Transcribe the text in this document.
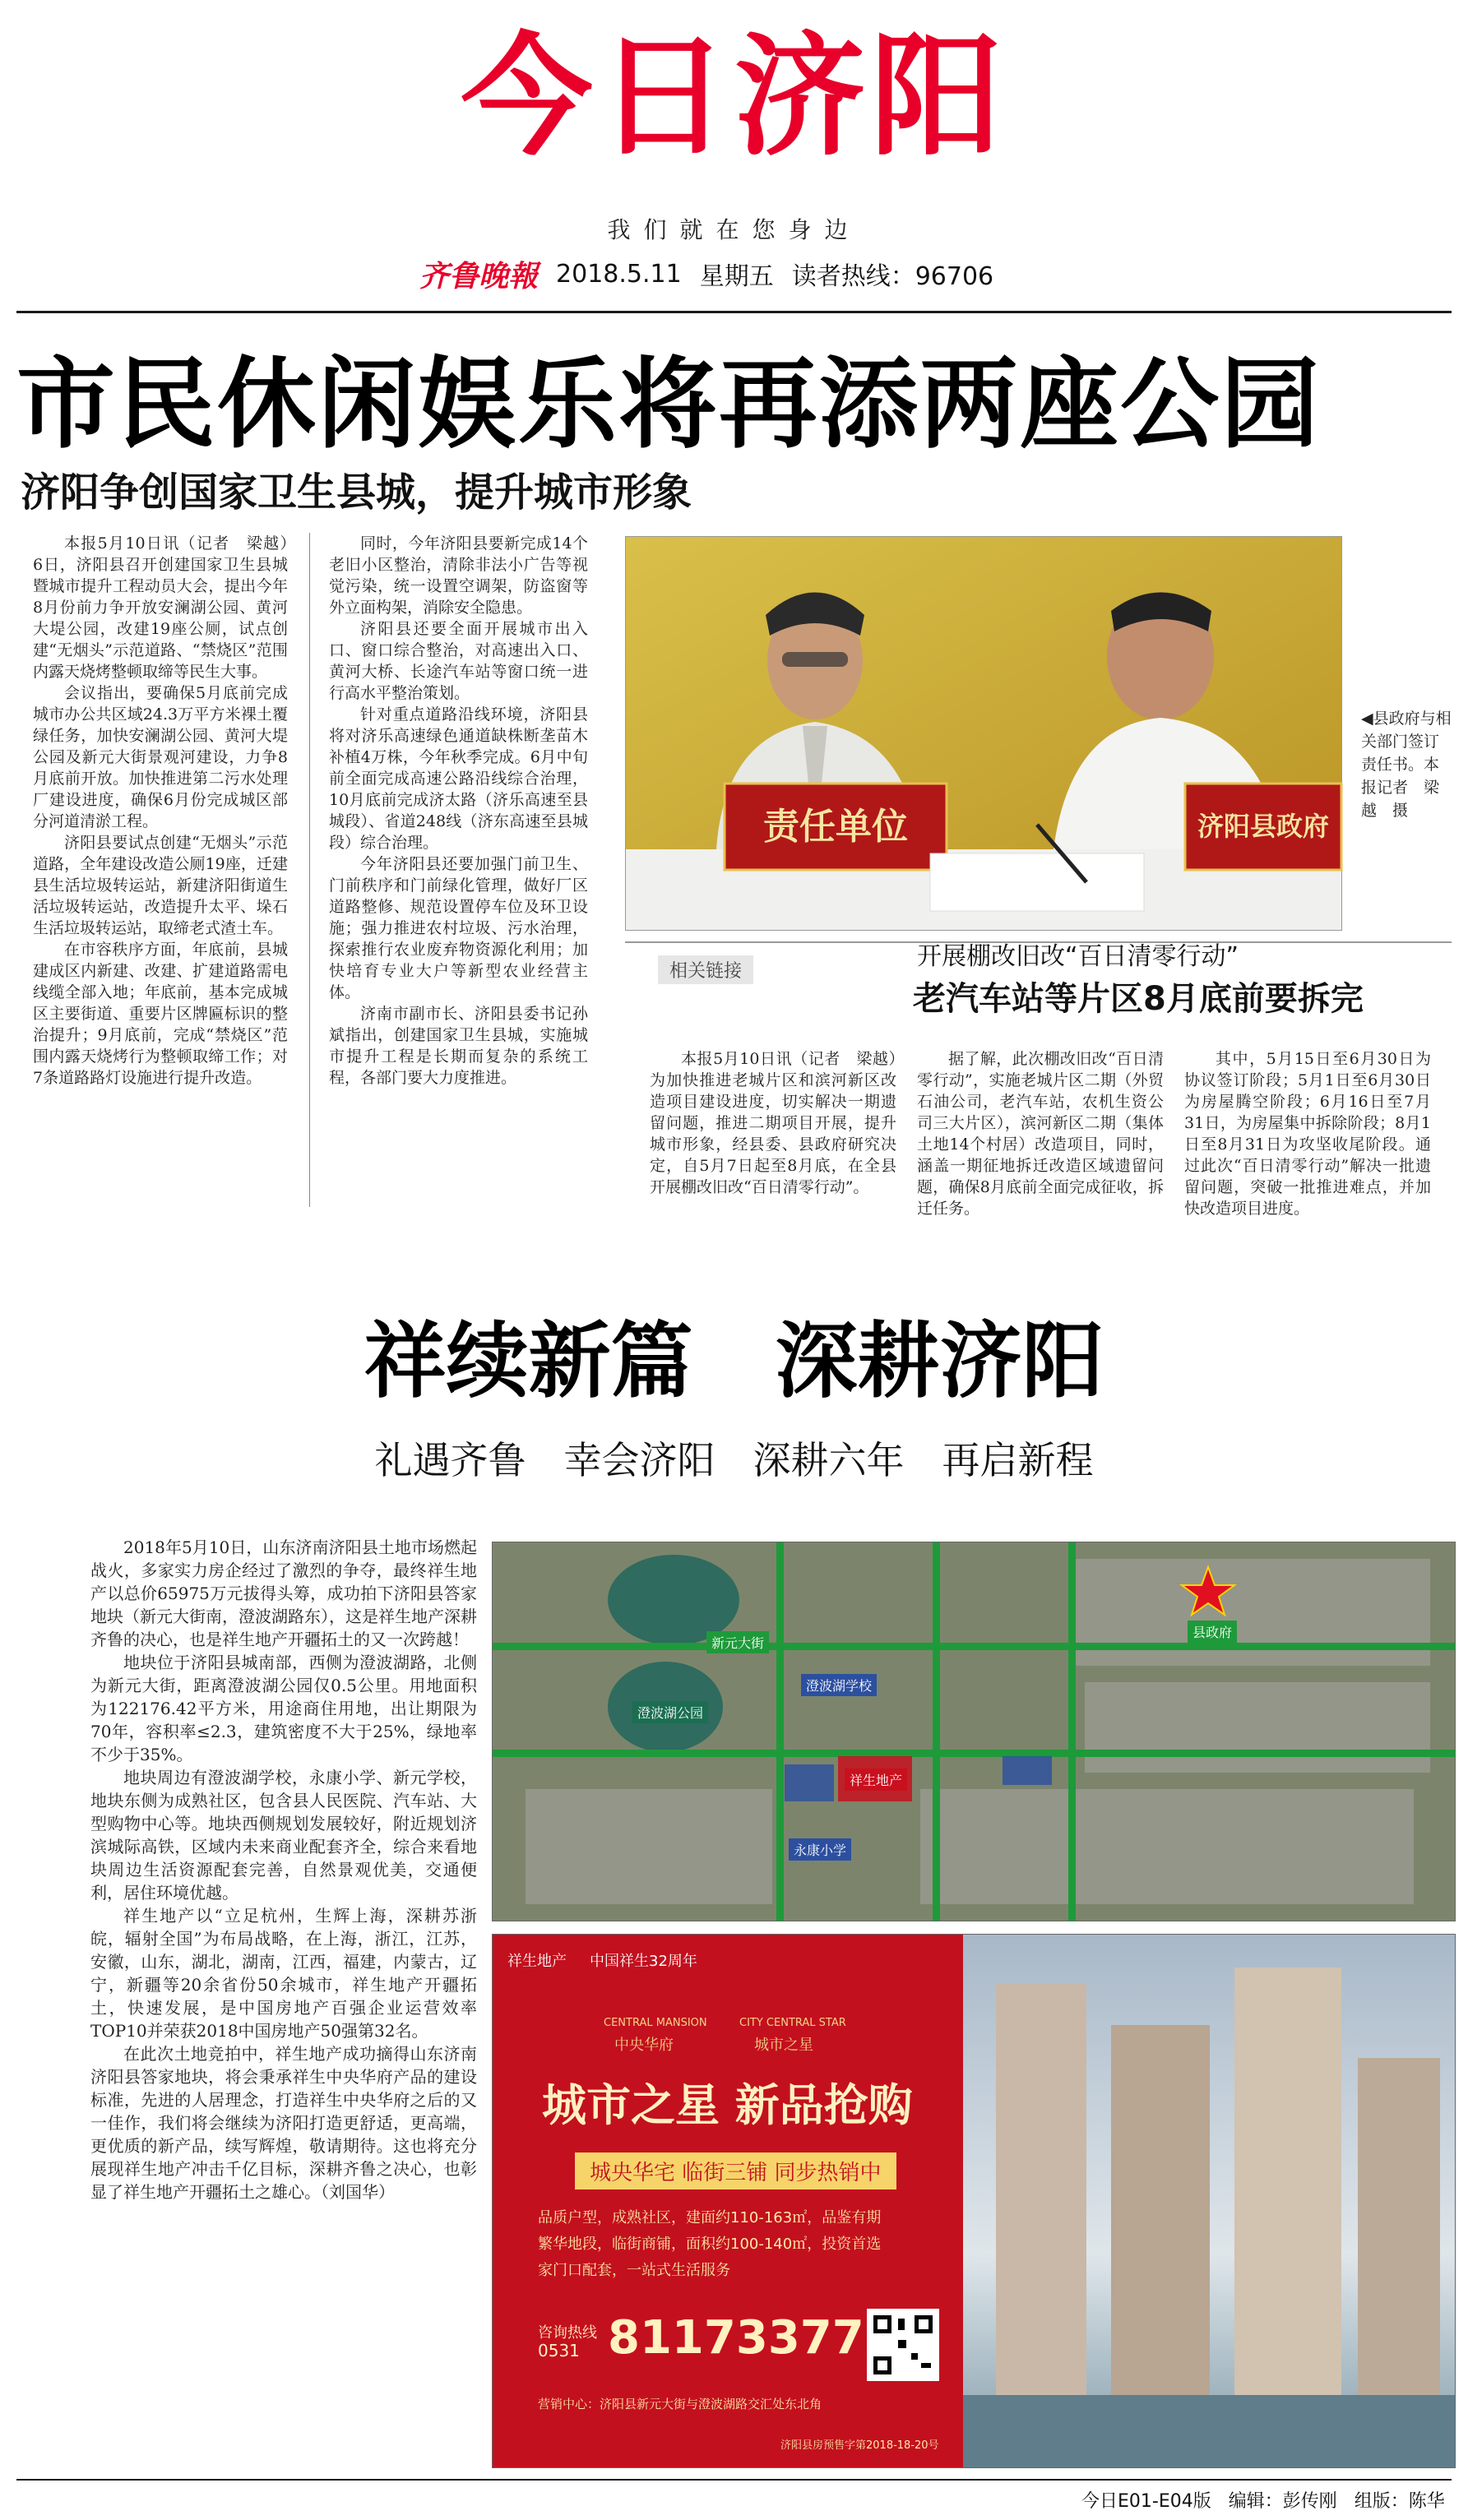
今日济阳
我们就在您身边
齐鲁晚報 2018.5.11 星期五 读者热线：96706
市民休闲娱乐将再添两座公园
济阳争创国家卫生县城，提升城市形象

本报5月10日讯（记者　梁越）　6日，济阳县召开创建国家卫生县城暨城市提升工程动员大会，提出今年8月份前力争开放安澜湖公园、黄河大堤公园，改建19座公厕，试点创建“无烟头”示范道路、“禁烧区”范围内露天烧烤整顿取缔等民生大事。

会议指出，要确保5月底前完成城市办公共区域24.3万平方米裸土覆绿任务，加快安澜湖公园、黄河大堤公园及新元大街景观河建设，力争8月底前开放。加快推进第二污水处理厂建设进度，确保6月份完成城区部分河道清淤工程。

济阳县要试点创建“无烟头”示范道路，全年建设改造公厕19座，迁建县生活垃圾转运站，新建济阳街道生活垃圾转运站，改造提升太平、垛石生活垃圾转运站，取缔老式渣土车。

在市容秩序方面，年底前，县城建成区内新建、改建、扩建道路需电线缆全部入地；年底前，基本完成城区主要街道、重要片区牌匾标识的整治提升；9月底前，完成“禁烧区”范围内露天烧烤行为整顿取缔工作；对7条道路路灯设施进行提升改造。

同时，今年济阳县要新完成14个老旧小区整治，清除非法小广告等视觉污染，统一设置空调架，防盗窗等外立面构架，消除安全隐患。

济阳县还要全面开展城市出入口、窗口综合整治，对高速出入口、黄河大桥、长途汽车站等窗口统一进行高水平整治策划。

针对重点道路沿线环境，济阳县将对济乐高速绿色通道缺株断垄苗木补植4万株，今年秋季完成。6月中旬前全面完成高速公路沿线综合治理，10月底前完成济太路（济乐高速至县城段）、省道248线（济东高速至县城段）综合治理。

今年济阳县还要加强门前卫生、门前秩序和门前绿化管理，做好厂区道路整修、规范设置停车位及环卫设施；强力推进农村垃圾、污水治理，探索推行农业废弃物资源化利用；加快培育专业大户等新型农业经营主体。

济南市副市长、济阳县委书记孙斌指出，创建国家卫生县城，实施城市提升工程是长期而复杂的系统工程，各部门要大力度推进。

责任单位	济阳县政府
◀县政府与相关部门签订责任书。本报记者　梁越　摄
相关链接
开展棚改旧改“百日清零行动”
老汽车站等片区8月底前要拆完

本报5月10日讯（记者　梁越）　为加快推进老城片区和滨河新区改造项目建设进度，切实解决一期遗留问题，推进二期项目开展，提升城市形象，经县委、县政府研究决定，自5月7日起至8月底，在全县开展棚改旧改“百日清零行动”。

据了解，此次棚改旧改“百日清零行动”，实施老城片区二期（外贸石油公司，老汽车站，农机生资公司三大片区），滨河新区二期（集体土地14个村居）改造项目，同时，涵盖一期征地拆迁改造区域遗留问题，确保8月底前全面完成征收，拆迁任务。

其中，5月15日至6月30日为协议签订阶段；5月1日至6月30日为房屋腾空阶段；6月16日至7月31日，为房屋集中拆除阶段；8月1日至8月31日为攻坚收尾阶段。通过此次“百日清零行动”解决一批遗留问题，突破一批推进难点，并加快改造项目进度。

祥续新篇　深耕济阳
礼遇齐鲁　幸会济阳　深耕六年　再启新程

2018年5月10日，山东济南济阳县土地市场燃起战火，多家实力房企经过了激烈的争夺，最终祥生地产以总价65975万元拔得头筹，成功拍下济阳县答家地块（新元大街南，澄波湖路东），这是祥生地产深耕齐鲁的决心，也是祥生地产开疆拓土的又一次跨越！

地块位于济阳县城南部，西侧为澄波湖路，北侧为新元大街，距离澄波湖公园仅0.5公里。用地面积为122176.42平方米，用途商住用地，出让期限为70年，容积率≤2.3，建筑密度不大于25%，绿地率不少于35%。

地块周边有澄波湖学校，永康小学、新元学校，地块东侧为成熟社区，包含县人民医院、汽车站、大型购物中心等。地块西侧规划发展较好，附近规划济滨城际高铁，区域内未来商业配套齐全，综合来看地块周边生活资源配套完善，自然景观优美，交通便利，居住环境优越。

祥生地产以“立足杭州，生辉上海，深耕苏浙皖，辐射全国”为布局战略，在上海，浙江，江苏，安徽，山东，湖北，湖南，江西，福建，内蒙古，辽宁，新疆等20余省份50余城市，祥生地产开疆拓土，快速发展，是中国房地产百强企业运营效率TOP10并荣获2018中国房地产50强第32名。

在此次土地竞拍中，祥生地产成功摘得山东济南济阳县答家地块，将会秉承祥生中央华府产品的建设标准，先进的人居理念，打造祥生中央华府之后的又一佳作，我们将会继续为济阳打造更舒适，更高端，更优质的新产品，续写辉煌，敬请期待。这也将充分展现祥生地产冲击千亿目标，深耕齐鲁之决心，也彰显了祥生地产开疆拓土之雄心。（刘国华）

澄波湖公园
澄波湖学校
祥生地产
永康小学
新元大街
县政府
祥生地产 中国祥生32周年
CENTRAL MANSION
中央华府
CITY CENTRAL STAR
城市之星
城市之星 新品抢购
城央华宅 临街三铺 同步热销中
品质户型，成熟社区，建面约110-163㎡，品鉴有期
繁华地段，临街商铺，面积约100-140㎡，投资首选
家门口配套，一站式生活服务
咨询热线
0531 81173377
营销中心：济阳县新元大街与澄波湖路交汇处东北角
济阳县房预售字第2018-18-20号
今日E01-E04版 编辑：彭传刚 组版：陈华
